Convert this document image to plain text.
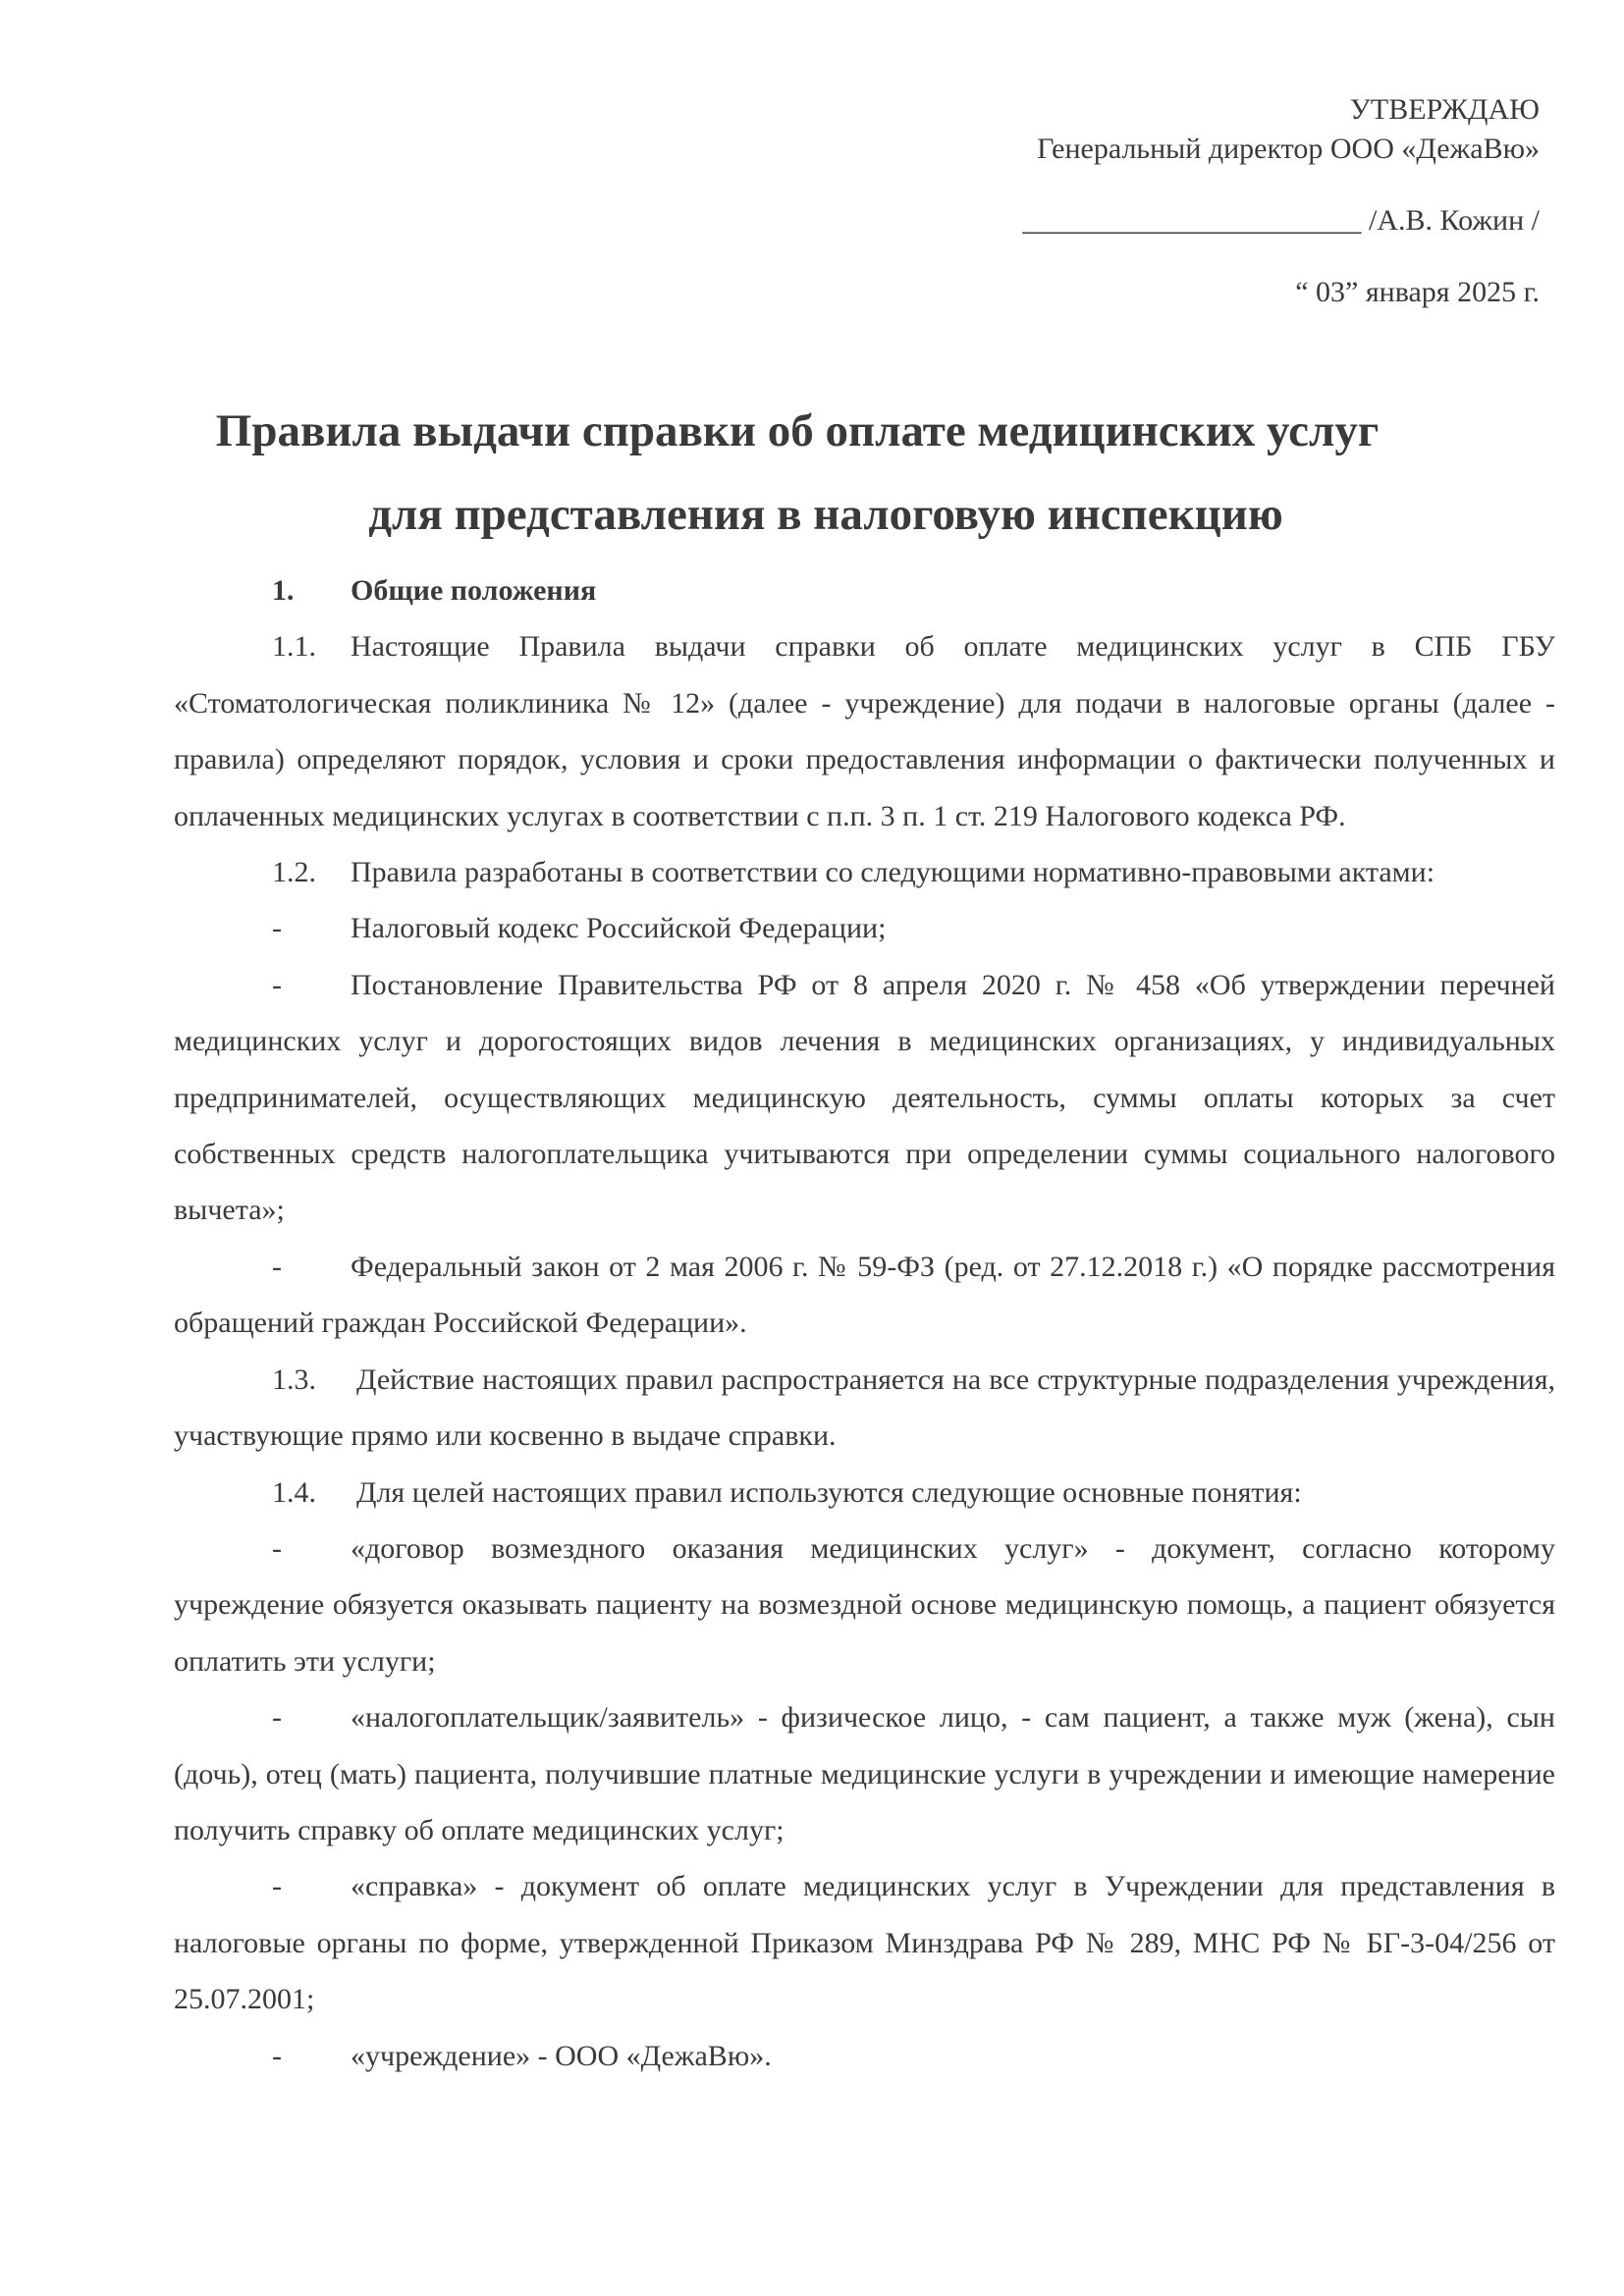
УТВЕРЖДАЮ
Генеральный директор ООО «ДежаВю»
_______________________ /А.В. Кожин /
“ 03” января 2025 г.
Правила выдачи справки об оплате медицинских услуг
для представления в налоговую инспекцию

1. Общие положения

1.1. Настоящие Правила выдачи справки об оплате медицинских услуг в СПБ ГБУ «Стоматологическая поликлиника № 12» (далее - учреждение) для подачи в налоговые органы (далее - правила) определяют порядок, условия и сроки предоставления информации о фактически полученных и оплаченных медицинских услугах в соответствии с п.п. 3 п. 1 ст. 219 Налогового кодекса РФ.

1.2. Правила разработаны в соответствии со следующими нормативно-правовыми актами:

- Налоговый кодекс Российской Федерации;

- Постановление Правительства РФ от 8 апреля 2020 г. № 458 «Об утверждении перечней медицинских услуг и дорогостоящих видов лечения в медицинских организациях, у индивидуальных предпринимателей, осуществляющих медицинскую деятельность, суммы оплаты которых за счет собственных средств налогоплательщика учитываются при определении суммы социального налогового вычета»;

- Федеральный закон от 2 мая 2006 г. № 59-ФЗ (ред. от 27.12.2018 г.) «О порядке рассмотрения обращений граждан Российской Федерации».

1.3. Действие настоящих правил распространяется на все структурные подразделения учреждения, участвующие прямо или косвенно в выдаче справки.

1.4. Для целей настоящих правил используются следующие основные понятия:

- «договор возмездного оказания медицинских услуг» - документ, согласно которому учреждение обязуется оказывать пациенту на возмездной основе медицинскую помощь, а пациент обязуется оплатить эти услуги;

- «налогоплательщик/заявитель» - физическое лицо, - сам пациент, а также муж (жена), сын (дочь), отец (мать) пациента, получившие платные медицинские услуги в учреждении и имеющие намерение получить справку об оплате медицинских услуг;

- «справка» - документ об оплате медицинских услуг в Учреждении для представления в налоговые органы по форме, утвержденной Приказом Минздрава РФ № 289, МНС РФ № БГ-3-04/256 от 25.07.2001;

- «учреждение» - ООО «ДежаВю».
